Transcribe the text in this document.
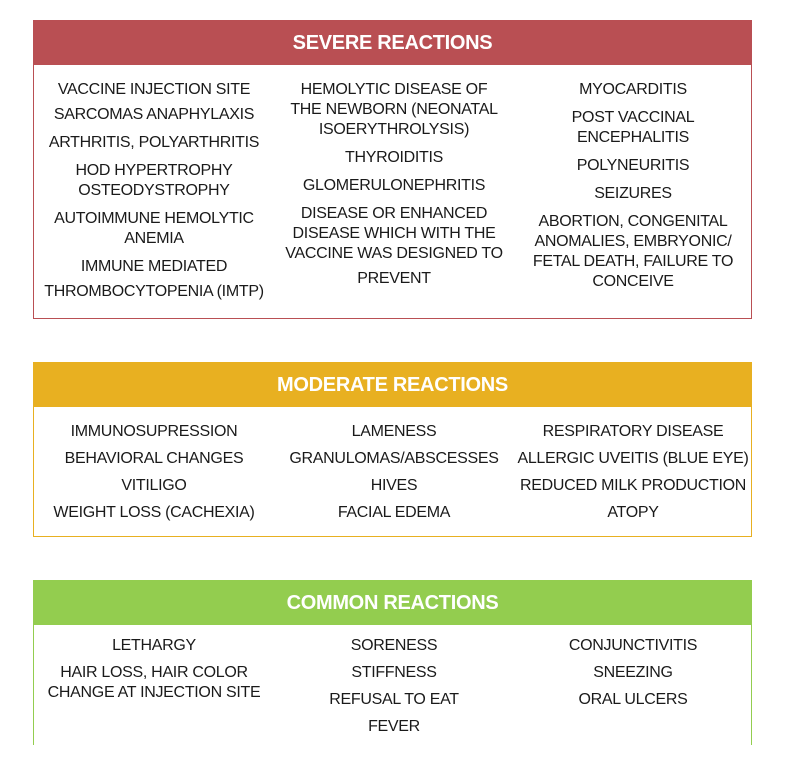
SEVERE REACTIONS
VACCINE INJECTION SITE
SARCOMAS ANAPHYLAXIS
ARTHRITIS, POLYARTHRITIS
HOD HYPERTROPHY
OSTEODYSTROPHY
AUTOIMMUNE HEMOLYTIC
ANEMIA
IMMUNE MEDIATED
THROMBOCYTOPENIA (IMTP)
HEMOLYTIC DISEASE OF
THE NEWBORN (NEONATAL
ISOERYTHROLYSIS)
THYROIDITIS
GLOMERULONEPHRITIS
DISEASE OR ENHANCED
DISEASE WHICH WITH THE
VACCINE WAS DESIGNED TO
PREVENT
MYOCARDITIS
POST VACCINAL
ENCEPHALITIS
POLYNEURITIS
SEIZURES
ABORTION, CONGENITAL
ANOMALIES, EMBRYONIC/
FETAL DEATH, FAILURE TO
CONCEIVE
MODERATE REACTIONS
IMMUNOSUPRESSION
BEHAVIORAL CHANGES
VITILIGO
WEIGHT LOSS (CACHEXIA)
LAMENESS
GRANULOMAS/ABSCESSES
HIVES
FACIAL EDEMA
RESPIRATORY DISEASE
ALLERGIC UVEITIS (BLUE EYE)
REDUCED MILK PRODUCTION
ATOPY
COMMON REACTIONS
LETHARGY
HAIR LOSS, HAIR COLOR
CHANGE AT INJECTION SITE
SORENESS
STIFFNESS
REFUSAL TO EAT
FEVER
CONJUNCTIVITIS
SNEEZING
ORAL ULCERS
